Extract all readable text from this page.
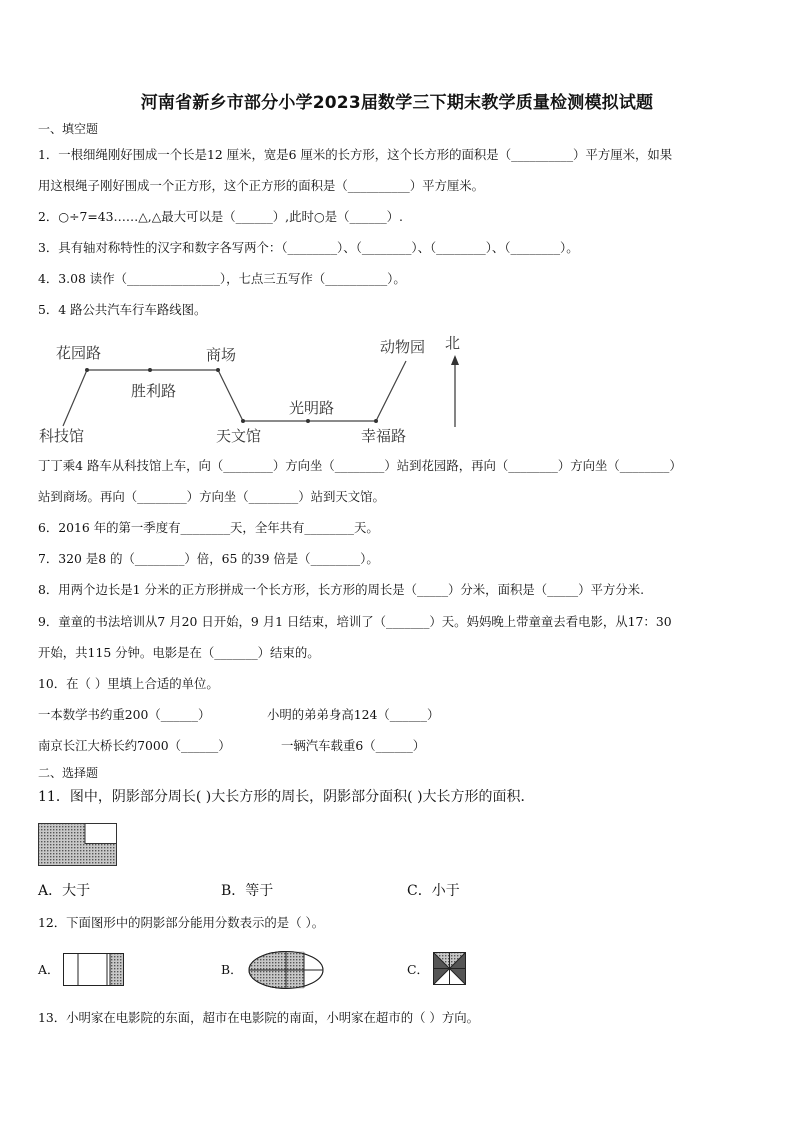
河南省新乡市部分小学2023届数学三下期末教学质量检测模拟试题
一、填空题
1．一根细绳刚好围成一个长是12 厘米，宽是6 厘米的长方形，这个长方形的面积是（__________）平方厘米，如果
用这根绳子刚好围成一个正方形，这个正方形的面积是（__________）平方厘米。
2．○÷7=43……△,△最大可以是（______）,此时○是（______）.
3．具有轴对称特性的汉字和数字各写两个：（________）、（________）、（________）、（________）。
4．3.08 读作（_______________），七点三五写作（__________）。
5．4 路公共汽车行车路线图。
花园路	商场	动物园
胜利路
光明路
科技馆	天文馆	幸福路
北
丁丁乘4 路车从科技馆上车，向（________）方向坐（________）站到花园路，再向（________）方向坐（________）
站到商场。再向（________）方向坐（________）站到天文馆。
6．2016 年的第一季度有________天，全年共有________天。
7．320 是8 的（________）倍，65 的39 倍是（________）。
8．用两个边长是1 分米的正方形拼成一个长方形，长方形的周长是（_____）分米，面积是（_____）平方分米.
9．童童的书法培训从7 月20 日开始，9 月1 日结束，培训了（_______）天。妈妈晚上带童童去看电影，从17：30
开始，共115 分钟。电影是在（_______）结束的。
10．在（ ）里填上合适的单位。
一本数学书约重200（______）	小明的弟弟身高124（______）
南京长江大桥长约7000（______）	一辆汽车载重6（______）
二、选择题
11．图中，阴影部分周长( )大长方形的周长，阴影部分面积( )大长方形的面积．
A．大于	B．等于	C．小于
12．下面图形中的阴影部分能用分数表示的是（ ）。
A．	B．	C．
13．小明家在电影院的东面，超市在电影院的南面，小明家在超市的（ ）方向。
